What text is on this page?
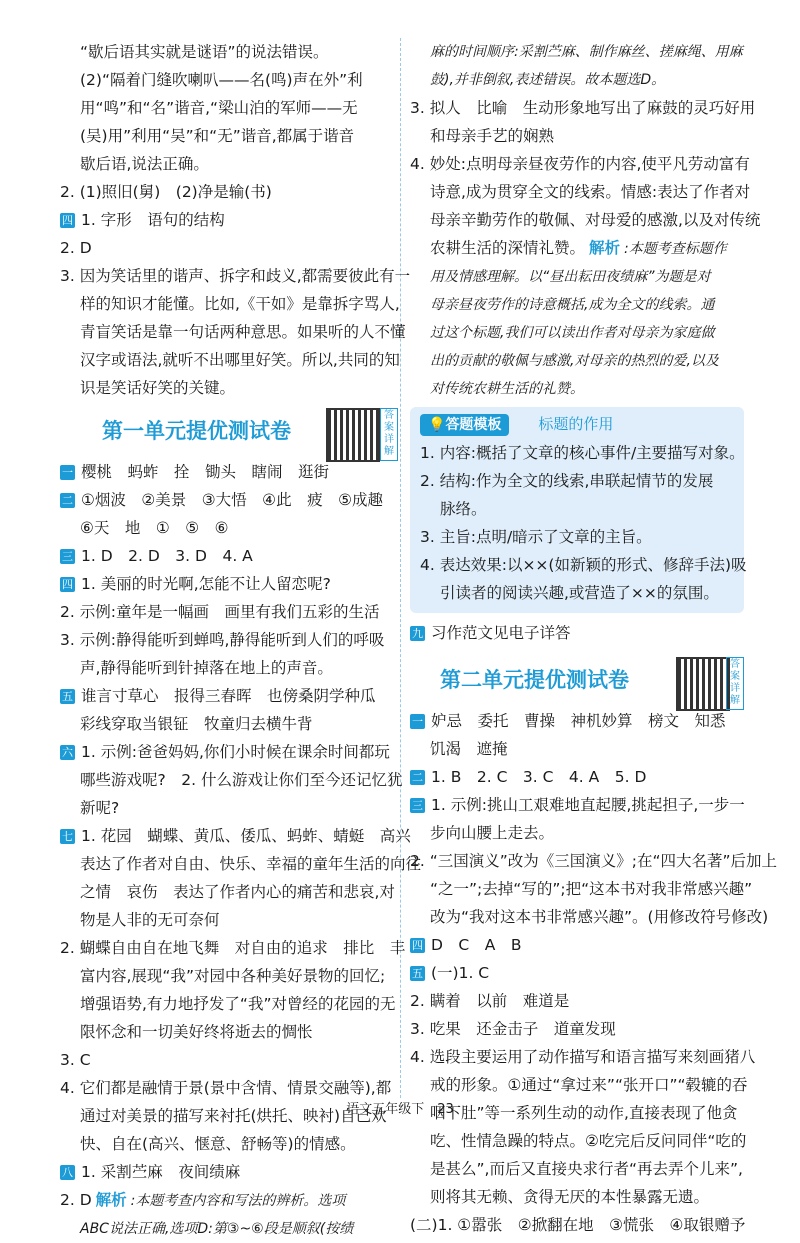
“歇后语其实就是谜语”的说法错误。
(2)“隔着门缝吹喇叭——名(鸣)声在外”利
用“鸣”和“名”谐音,“梁山泊的军师——无
(吴)用”利用“吴”和“无”谐音,都属于谐音
歇后语,说法正确。
2. (1)照旧(舅)　(2)净是输(书)
四 1. 字形　语句的结构
2. D
3. 因为笑话里的谐声、拆字和歧义,都需要彼此有一
样的知识才能懂。比如,《干如》是靠拆字骂人,
青盲笑话是靠一句话两种意思。如果听的人不懂
汉字或语法,就听不出哪里好笑。所以,共同的知
识是笑话好笑的关键。
第一单元提优测试卷
答案详解
一 樱桃　蚂蚱　拴　锄头　瞎闹　逛街
二 ①烟波　②美景　③大悟　④此　疲　⑤成趣
⑥天　地　①　⑤　⑥
三 1. D　2. D　3. D　4. A
四 1. 美丽的时光啊,怎能不让人留恋呢?
2. 示例:童年是一幅画　画里有我们五彩的生活
3. 示例:静得能听到蝉鸣,静得能听到人们的呼吸
声,静得能听到针掉落在地上的声音。
五 谁言寸草心　报得三春晖　也傍桑阴学种瓜
彩线穿取当银钲　牧童归去横牛背
六 1. 示例:爸爸妈妈,你们小时候在课余时间都玩
哪些游戏呢?　2. 什么游戏让你们至今还记忆犹
新呢?
七 1. 花园　蝴蝶、黄瓜、倭瓜、蚂蚱、蜻蜓　高兴
表达了作者对自由、快乐、幸福的童年生活的向往
之情　哀伤　表达了作者内心的痛苦和悲哀,对
物是人非的无可奈何
2. 蝴蝶自由自在地飞舞　对自由的追求　排比　丰
富内容,展现“我”对园中各种美好景物的回忆;
增强语势,有力地抒发了“我”对曾经的花园的无
限怀念和一切美好终将逝去的惆怅
3. C
4. 它们都是融情于景(景中含情、情景交融等),都
通过对美景的描写来衬托(烘托、映衬)自己欢
快、自在(高兴、惬意、舒畅等)的情感。
八 1. 采割苎麻　夜间绩麻
2. D 解析 :本题考查内容和写法的辨析。选项
ABC说法正确,选项D:第③~⑥段是顺叙(按绩
麻的时间顺序:采割苎麻、制作麻丝、搓麻绳、用麻
鼓),并非倒叙,表述错误。故本题选D。
3. 拟人　比喻　生动形象地写出了麻鼓的灵巧好用
和母亲手艺的娴熟
4. 妙处:点明母亲昼夜劳作的内容,使平凡劳动富有
诗意,成为贯穿全文的线索。情感:表达了作者对
母亲辛勤劳作的敬佩、对母爱的感激,以及对传统
农耕生活的深情礼赞。 解析 :本题考查标题作
用及情感理解。以“昼出耘田夜绩麻”为题是对
母亲昼夜劳作的诗意概括,成为全文的线索。通
过这个标题,我们可以读出作者对母亲为家庭做
出的贡献的敬佩与感激,对母亲的热烈的爱,以及
对传统农耕生活的礼赞。
💡答题模板 标题的作用
1. 内容:概括了文章的核心事件/主要描写对象。
2. 结构:作为全文的线索,串联起情节的发展
脉络。
3. 主旨:点明/暗示了文章的主旨。
4. 表达效果:以××(如新颖的形式、修辞手法)吸
引读者的阅读兴趣,或营造了××的氛围。
九 习作范文见电子详答
第二单元提优测试卷
答案详解
一 妒忌　委托　曹操　神机妙算　榜文　知悉
饥渴　遮掩
二 1. B　2. C　3. C　4. A　5. D
三 1. 示例:挑山工艰难地直起腰,挑起担子,一步一
步向山腰上走去。
2. “三国演义”改为《三国演义》;在“四大名著”后加上
“之一”;去掉“写的”;把“这本书对我非常感兴趣”
改为“我对这本书非常感兴趣”。(用修改符号修改)
四 D　C　A　B
五 (一)1. C
2. 瞒着　以前　难道是
3. 吃果　还金击子　道童发现
4. 选段主要运用了动作描写和语言描写来刻画猪八
戒的形象。①通过“拿过来”“张开口”“毂辘的吞
咽下肚”等一系列生动的动作,直接表现了他贪
吃、性情急躁的特点。②吃完后反问同伴“吃的
是甚么”,而后又直接央求行者“再去弄个儿来”,
则将其无赖、贪得无厌的本性暴露无遗。
(二)1. ①嚣张　②掀翻在地　③慌张　④取银赠予
语文五年级下　23
